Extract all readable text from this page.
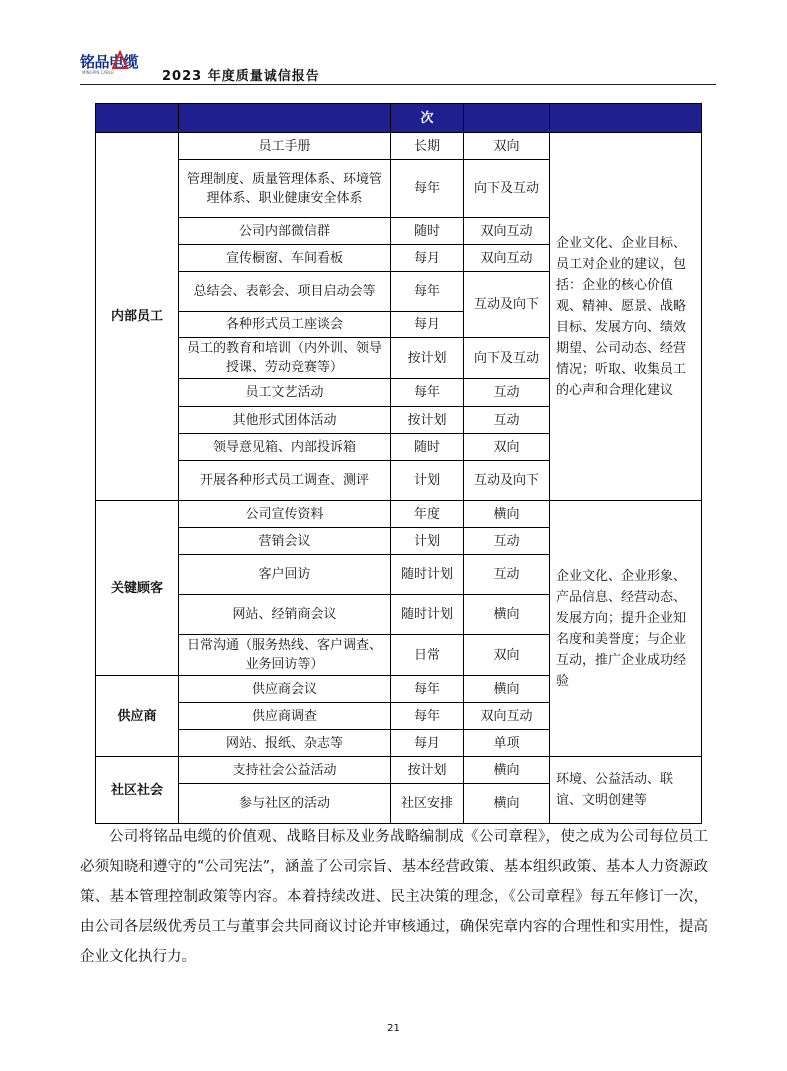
铭品电缆
MINGPIN CABLE	2023 年度质量诚信报告
		次		
内部员工	员工手册	长期	双向	企业文化、企业目标、员工对企业的建议，包括：企业的核心价值观、精神、愿景、战略目标、发展方向、绩效期望、公司动态、经营情况；听取、收集员工的心声和合理化建议
	管理制度、质量管理体系、环境管理体系、职业健康安全体系	每年	向下及互动	
	公司内部微信群	随时	双向互动	
	宣传橱窗、车间看板	每月	双向互动	
	总结会、表彰会、项目启动会等	每年	互动及向下	
	各种形式员工座谈会	每月		
	员工的教育和培训（内外训、领导授课、劳动竞赛等）	按计划	向下及互动	
	员工文艺活动	每年	互动	
	其他形式团体活动	按计划	互动	
	领导意见箱、内部投诉箱	随时	双向	
	开展各种形式员工调查、测评	计划	互动及向下	
关键顾客	公司宣传资料	年度	横向	企业文化、企业形象、产品信息、经营动态、发展方向；提升企业知名度和美誉度；与企业互动，推广企业成功经验
	营销会议	计划	互动	
	客户回访	随时计划	互动	
	网站、经销商会议	随时计划	横向	
	日常沟通（服务热线、客户调查、业务回访等）	日常	双向	
供应商	供应商会议	每年	横向	
	供应商调查	每年	双向互动	
	网站、报纸、杂志等	每月	单项	
社区社会	支持社会公益活动	按计划	横向	环境、公益活动、联谊、文明创建等
	参与社区的活动	社区安排	横向	
公司将铭品电缆的价值观、战略目标及业务战略编制成《公司章程》，使之成为公司每位员工必须知晓和遵守的“公司宪法”，涵盖了公司宗旨、基本经营政策、基本组织政策、基本人力资源政策、基本管理控制政策等内容。本着持续改进、民主决策的理念，《公司章程》每五年修订一次，由公司各层级优秀员工与董事会共同商议讨论并审核通过，确保宪章内容的合理性和实用性，提高企业文化执行力。
21
